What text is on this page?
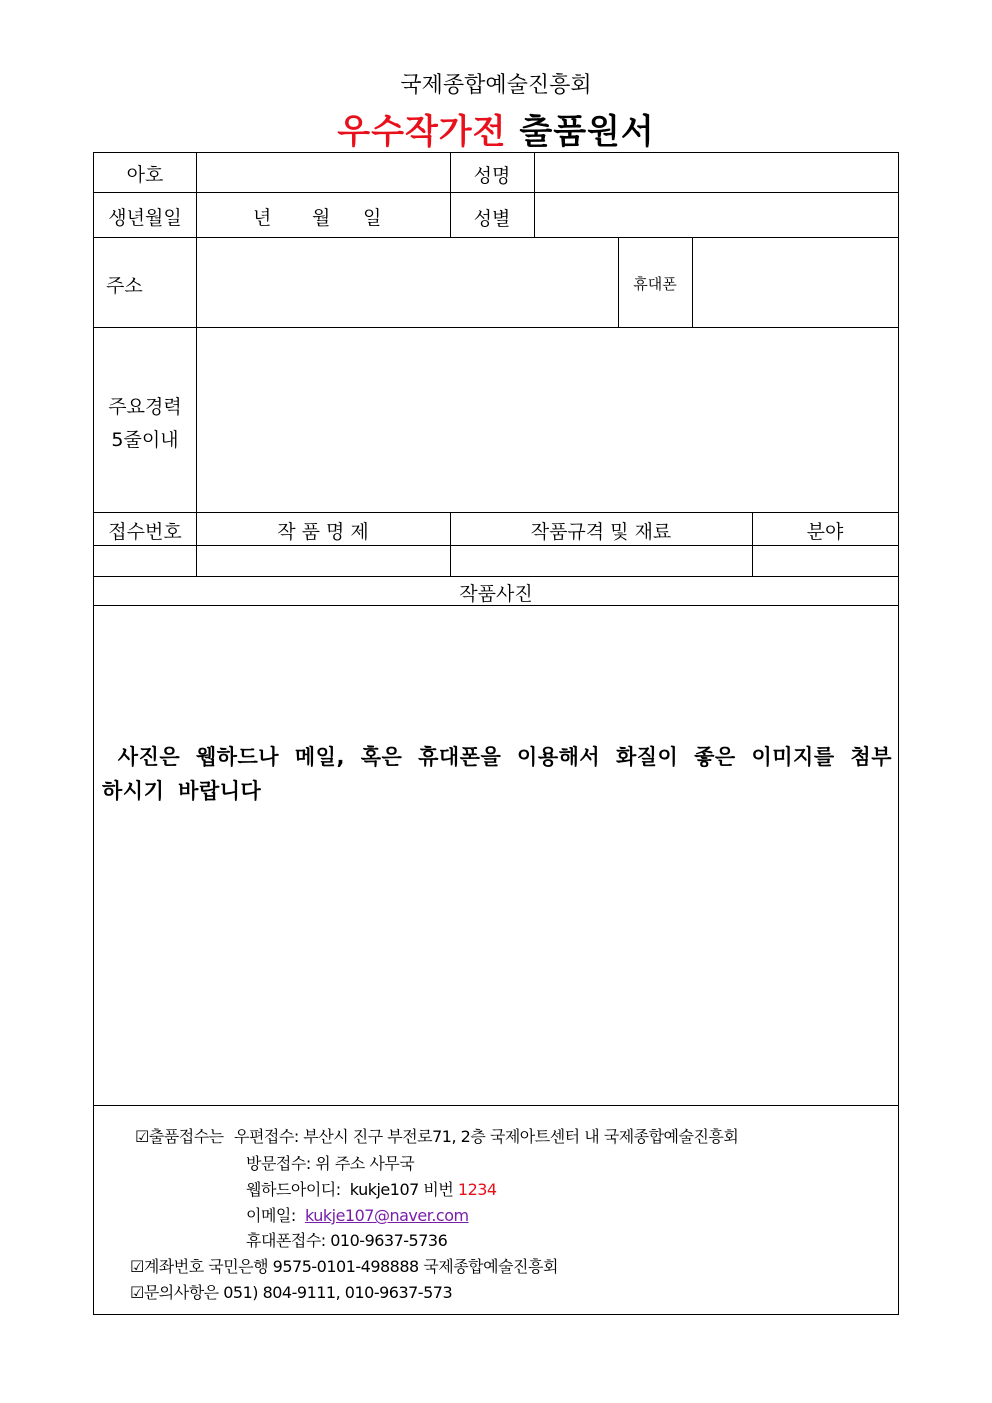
국제종합예술진흥회
우수작가전 출품원서
아호	성명
생년월일	년 월 일	성별
주소	휴대폰
주요경력
5줄이내
접수번호	작 품 명 제	작품규격 및 재료	분야
작품사진
사진은 웹하드나 메일, 혹은 휴대폰을 이용해서 화질이 좋은 이미지를 첨부하시기 바랍니다
☑출품접수는 우편접수: 부산시 진구 부전로71, 2층 국제아트센터 내 국제종합예술진흥회
방문접수: 위 주소 사무국
웹하드아이디:  kukje107 비번 1234
이메일: kukje107@naver.com
휴대폰접수: 010-9637-5736
☑계좌번호 국민은행 9575-0101-498888 국제종합예술진흥회
☑문의사항은 051) 804-9111, 010-9637-573
